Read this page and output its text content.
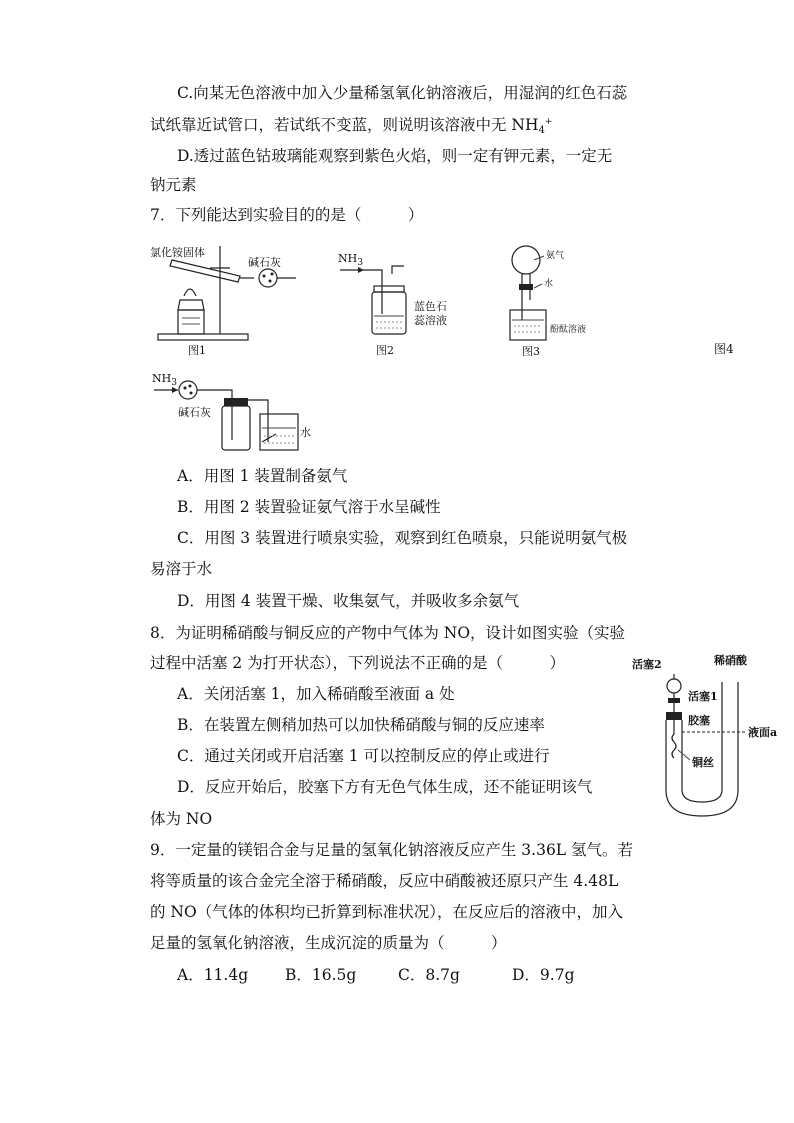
C.向某无色溶液中加入少量稀氢氧化钠溶液后，用湿润的红色石蕊
试纸靠近试管口，若试纸不变蓝，则说明该溶液中无 $NH_4^+$
D.透过蓝色钴玻璃能观察到紫色火焰，则一定有钾元素，一定无
钠元素
7．下列能达到实验目的的是（　　　）
氯化铵固体
碱石灰
图1
$NH_3$
蓝色石
蕊溶液
图2
氨气
水
酚酞溶液
图3	图4
$NH_3$
碱石灰
水
A．用图 1 装置制备氨气
B．用图 2 装置验证氨气溶于水呈碱性
C．用图 3 装置进行喷泉实验，观察到红色喷泉，只能说明氨气极
易溶于水
D．用图 4 装置干燥、收集氨气，并吸收多余氨气
8．为证明稀硝酸与铜反应的产物中气体为 NO，设计如图实验（实验
过程中活塞 2 为打开状态），下列说法不正确的是（　　　）
A．关闭活塞 1，加入稀硝酸至液面 a 处
B．在装置左侧稍加热可以加快稀硝酸与铜的反应速率
C．通过关闭或开启活塞 1 可以控制反应的停止或进行
D．反应开始后，胶塞下方有无色气体生成，还不能证明该气
体为 NO
活塞2	稀硝酸
活塞1
胶塞
液面a
铜丝
9．一定量的镁铝合金与足量的氢氧化钠溶液反应产生 3.36L 氢气。若
将等质量的该合金完全溶于稀硝酸，反应中硝酸被还原只产生 4.48L
的 NO（气体的体积均已折算到标准状况），在反应后的溶液中，加入
足量的氢氧化钠溶液，生成沉淀的质量为（　　　）
A．11.4g B．16.5g	C．8.7g	D．9.7g
